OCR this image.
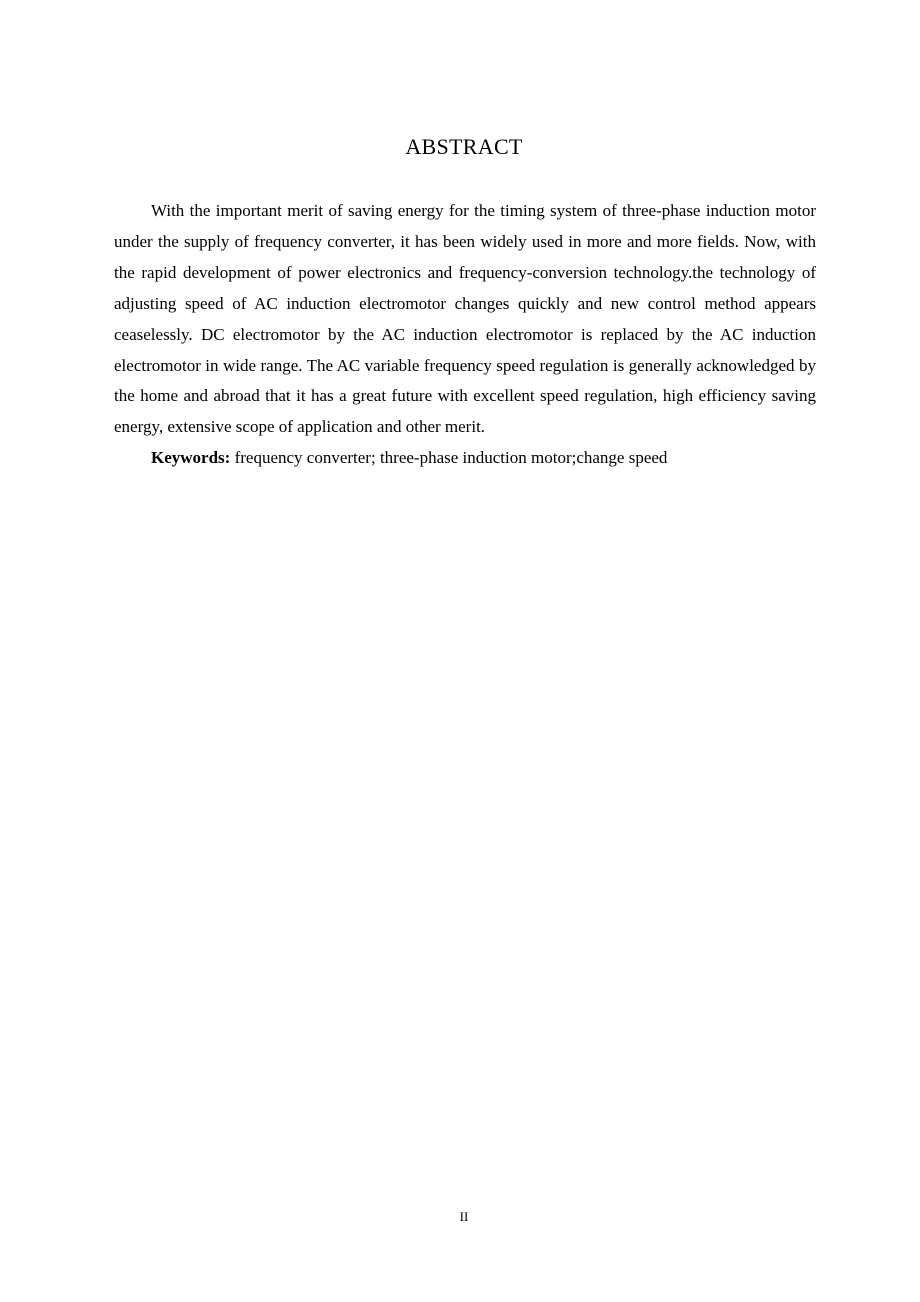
ABSTRACT

With the important merit of saving energy for the timing system of three-phase induction motor under the supply of frequency converter, it has been widely used in more and more fields. Now, with the rapid development of power electronics and frequency-conversion technology.the technology of adjusting speed of AC induction electromotor changes quickly and new control method appears ceaselessly. DC electromotor by the AC induction electromotor is replaced by the AC induction electromotor in wide range. The AC variable frequency speed regulation is generally acknowledged by the home and abroad that it has a great future with excellent speed regulation, high efficiency saving energy, extensive scope of application and other merit.

Keywords: frequency converter; three-phase induction motor;change speed

II
